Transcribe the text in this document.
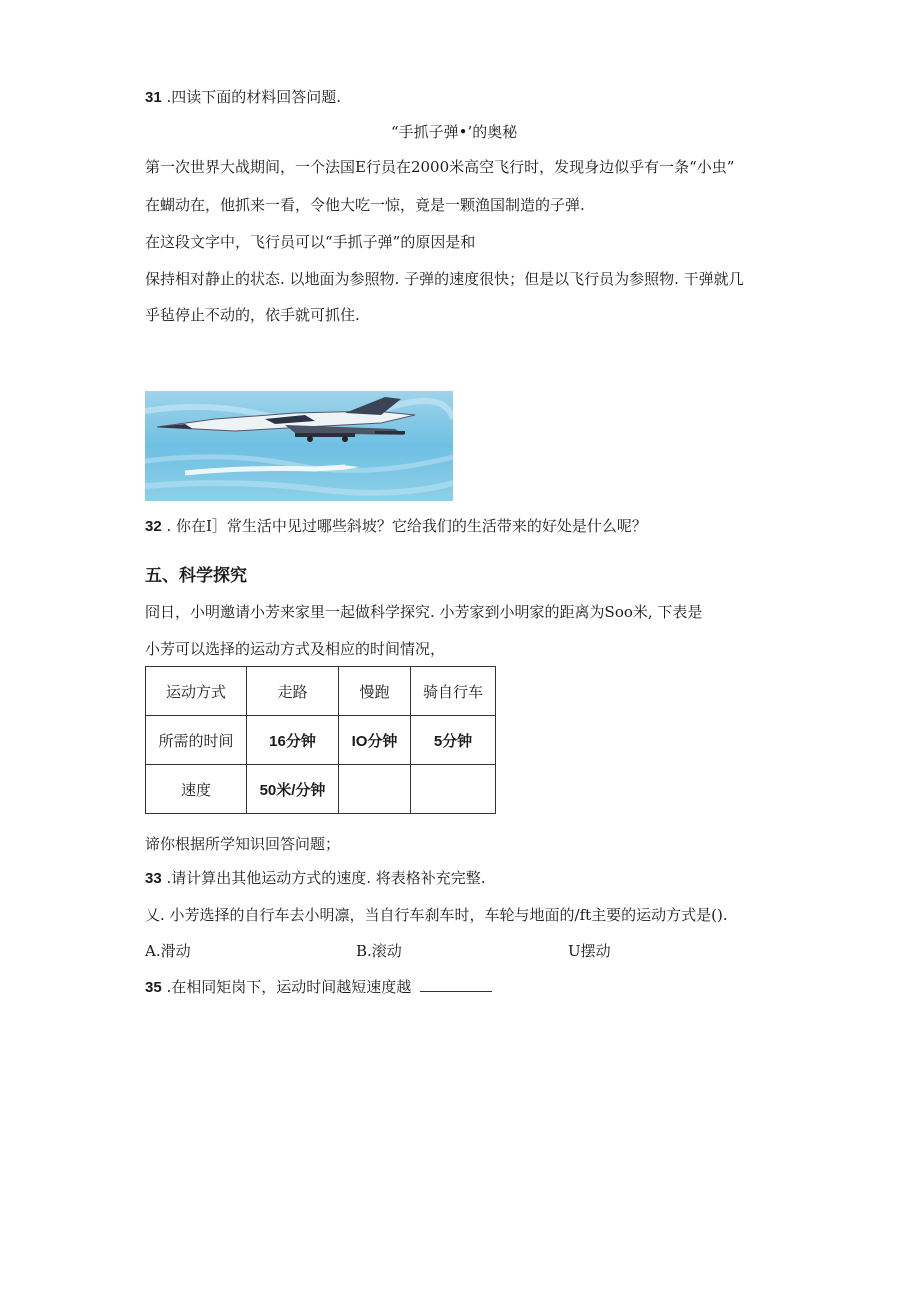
31 .四读下面的材料回答问题.
“手抓子弹•’的奥秘
第一次世界大战期间，一个法国E行员在2000米高空飞行时，发现身边似乎有一条“小虫”
在蝴动在，他抓来一看，令他大吃一惊，竟是一颗渔国制造的子弹.
在这段文字中，飞行员可以“手抓子弹”的原因是和
保持相对静止的状态. 以地面为参照物. 子弹的速度很快；但是以飞行员为参照物. 干弹就几
乎毡停止不动的，依手就可抓住.
32 . 你在I］常生活中见过哪些斜坡？它给我们的生活带来的好处是什么呢？
五、科学探究
冏日，小明邀请小芳来家里一起做科学探究. 小芳家到小明家的距离为Soo米, 下表是
小芳可以选择的运动方式及相应的时间情况，
运动方式	走路	慢跑	骑自行车
所需的时间	16分钟	IO分钟	5分钟
速度	50米/分钟		
谛你根据所学知识回答问题；
33 .请计算出其他运动方式的速度. 将表格补充完整.
乂. 小芳选择的自行车去小明凛，当自行车刹车时，车轮与地面的/ft主要的运动方式是().
A.滑动	B.滚动	U摆动
35 .在相同矩岗下，运动时间越短速度越
